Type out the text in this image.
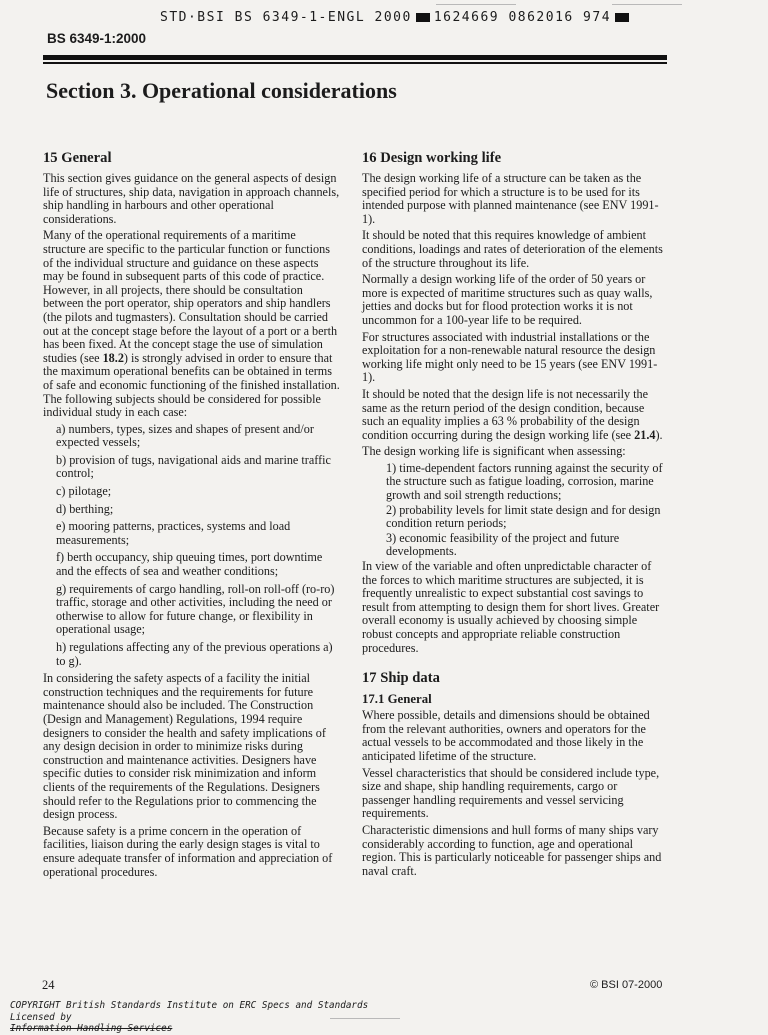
STD·BSI BS 6349-1-ENGL 2000 1624669 0862016 974
BS 6349-1:2000
Section 3. Operational considerations
15 General

This section gives guidance on the general aspects of design life of structures, ship data, navigation in approach channels, ship handling in harbours and other operational considerations.

Many of the operational requirements of a maritime structure are specific to the particular function or functions of the individual structure and guidance on these aspects may be found in subsequent parts of this code of practice. However, in all projects, there should be consultation between the port operator, ship operators and ship handlers (the pilots and tugmasters). Consultation should be carried out at the concept stage before the layout of a port or a berth has been fixed. At the concept stage the use of simulation studies (see 18.2) is strongly advised in order to ensure that the maximum operational benefits can be obtained in terms of safe and economic functioning of the finished installation. The following subjects should be considered for possible individual study in each case:

a) numbers, types, sizes and shapes of present and/or expected vessels;
b) provision of tugs, navigational aids and marine traffic control;
c) pilotage;
d) berthing;
e) mooring patterns, practices, systems and load measurements;
f) berth occupancy, ship queuing times, port downtime and the effects of sea and weather conditions;
g) requirements of cargo handling, roll-on roll-off (ro-ro) traffic, storage and other activities, including the need or otherwise to allow for future change, or flexibility in operational usage;
h) regulations affecting any of the previous operations a) to g).

In considering the safety aspects of a facility the initial construction techniques and the requirements for future maintenance should also be included. The Construction (Design and Management) Regulations, 1994 require designers to consider the health and safety implications of any design decision in order to minimize risks during construction and maintenance activities. Designers have specific duties to consider risk minimization and inform clients of the requirements of the Regulations. Designers should refer to the Regulations prior to commencing the design process.

Because safety is a prime concern in the operation of facilities, liaison during the early design stages is vital to ensure adequate transfer of information and appreciation of operational procedures.

16 Design working life

The design working life of a structure can be taken as the specified period for which a structure is to be used for its intended purpose with planned maintenance (see ENV 1991-1).

It should be noted that this requires knowledge of ambient conditions, loadings and rates of deterioration of the elements of the structure throughout its life.

Normally a design working life of the order of 50 years or more is expected of maritime structures such as quay walls, jetties and docks but for flood protection works it is not uncommon for a 100-year life to be required.

For structures associated with industrial installations or the exploitation for a non-renewable natural resource the design working life might only need to be 15 years (see ENV 1991-1).

It should be noted that the design life is not necessarily the same as the return period of the design condition, because such an equality implies a 63 % probability of the design condition occurring during the design working life (see 21.4).

The design working life is significant when assessing:

1) time-dependent factors running against the security of the structure such as fatigue loading, corrosion, marine growth and soil strength reductions;
2) probability levels for limit state design and for design condition return periods;
3) economic feasibility of the project and future developments.

In view of the variable and often unpredictable character of the forces to which maritime structures are subjected, it is frequently unrealistic to expect substantial cost savings to result from attempting to design them for short lives. Greater overall economy is usually achieved by choosing simple robust concepts and appropriate reliable construction procedures.

17 Ship data
17.1 General

Where possible, details and dimensions should be obtained from the relevant authorities, owners and operators for the actual vessels to be accommodated and those likely in the anticipated lifetime of the structure.

Vessel characteristics that should be considered include type, size and shape, ship handling requirements, cargo or passenger handling requirements and vessel servicing requirements.

Characteristic dimensions and hull forms of many ships vary considerably according to function, age and operational region. This is particularly noticeable for passenger ships and naval craft.

24	© BSI 07-2000
COPYRIGHT British Standards Institute on ERC Specs and Standards
Licensed by
Information Handling Services
